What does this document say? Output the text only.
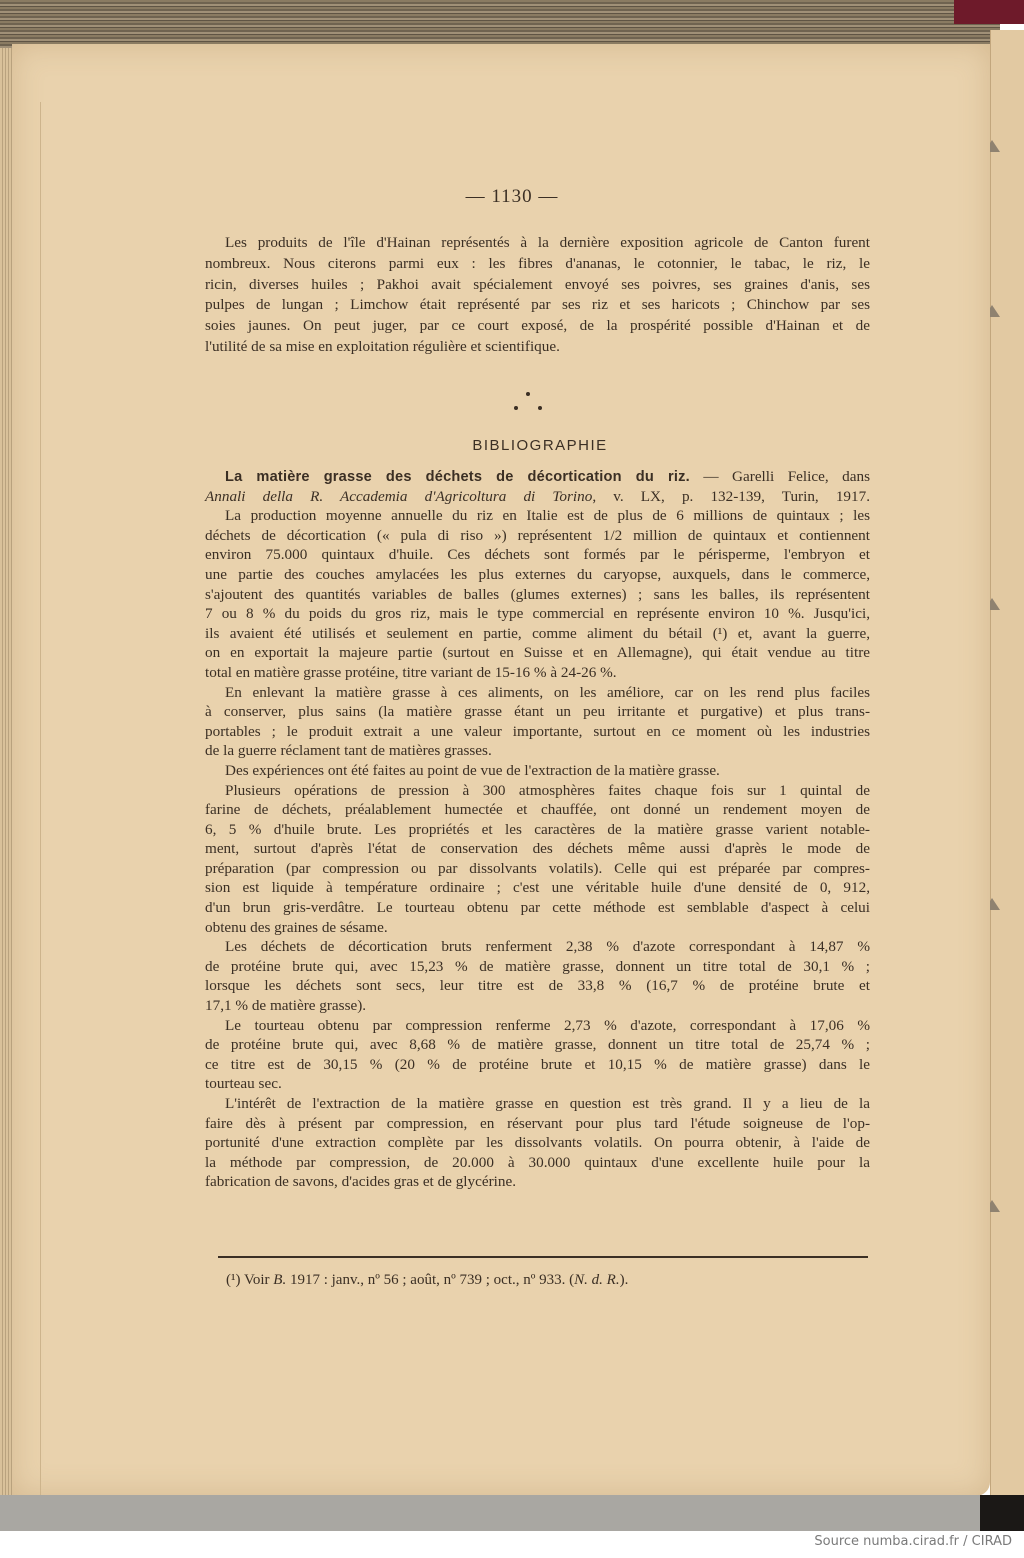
— 1130 —
Les produits de l'île d'Hainan représentés à la dernière exposition agricole de Canton furent
nombreux. Nous citerons parmi eux : les fibres d'ananas, le cotonnier, le tabac, le riz, le
ricin, diverses huiles ; Pakhoi avait spécialement envoyé ses poivres, ses graines d'anis, ses
pulpes de lungan ; Limchow était représenté par ses riz et ses haricots ; Chinchow par ses
soies jaunes. On peut juger, par ce court exposé, de la prospérité possible d'Hainan et de
l'utilité de sa mise en exploitation régulière et scientifique.
BIBLIOGRAPHIE
La matière grasse des déchets de décortication du riz. — Garelli Felice, dans
Annali della R. Accademia d'Agricoltura di Torino, v. LX, p. 132-139, Turin, 1917.
La production moyenne annuelle du riz en Italie est de plus de 6 millions de quintaux ; les
déchets de décortication (« pula di riso ») représentent 1/2 million de quintaux et contiennent
environ 75.000 quintaux d'huile. Ces déchets sont formés par le périsperme, l'embryon et
une partie des couches amylacées les plus externes du caryopse, auxquels, dans le commerce,
s'ajoutent des quantités variables de balles (glumes externes) ; sans les balles, ils représentent
7 ou 8 % du poids du gros riz, mais le type commercial en représente environ 10 %. Jusqu'ici,
ils avaient été utilisés et seulement en partie, comme aliment du bétail (¹) et, avant la guerre,
on en exportait la majeure partie (surtout en Suisse et en Allemagne), qui était vendue au titre
total en matière grasse protéine, titre variant de 15-16 % à 24-26 %.
En enlevant la matière grasse à ces aliments, on les améliore, car on les rend plus faciles
à conserver, plus sains (la matière grasse étant un peu irritante et purgative) et plus trans-
portables ; le produit extrait a une valeur importante, surtout en ce moment où les industries
de la guerre réclament tant de matières grasses.
Des expériences ont été faites au point de vue de l'extraction de la matière grasse.
Plusieurs opérations de pression à 300 atmosphères faites chaque fois sur 1 quintal de
farine de déchets, préalablement humectée et chauffée, ont donné un rendement moyen de
6, 5 % d'huile brute. Les propriétés et les caractères de la matière grasse varient notable-
ment, surtout d'après l'état de conservation des déchets même aussi d'après le mode de
préparation (par compression ou par dissolvants volatils). Celle qui est préparée par compres-
sion est liquide à température ordinaire ; c'est une véritable huile d'une densité de 0, 912,
d'un brun gris-verdâtre. Le tourteau obtenu par cette méthode est semblable d'aspect à celui
obtenu des graines de sésame.
Les déchets de décortication bruts renferment 2,38 % d'azote correspondant à 14,87 %
de protéine brute qui, avec 15,23 % de matière grasse, donnent un titre total de 30,1 % ;
lorsque les déchets sont secs, leur titre est de 33,8 % (16,7 % de protéine brute et
17,1 % de matière grasse).
Le tourteau obtenu par compression renferme 2,73 % d'azote, correspondant à 17,06 %
de protéine brute qui, avec 8,68 % de matière grasse, donnent un titre total de 25,74 % ;
ce titre est de 30,15 % (20 % de protéine brute et 10,15 % de matière grasse) dans le
tourteau sec.
L'intérêt de l'extraction de la matière grasse en question est très grand. Il y a lieu de la
faire dès à présent par compression, en réservant pour plus tard l'étude soigneuse de l'op-
portunité d'une extraction complète par les dissolvants volatils. On pourra obtenir, à l'aide de
la méthode par compression, de 20.000 à 30.000 quintaux d'une excellente huile pour la
fabrication de savons, d'acides gras et de glycérine.
(¹) Voir B. 1917 : janv., nº 56 ; août, nº 739 ; oct., nº 933. (N. d. R.).
Source numba.cirad.fr / CIRAD
